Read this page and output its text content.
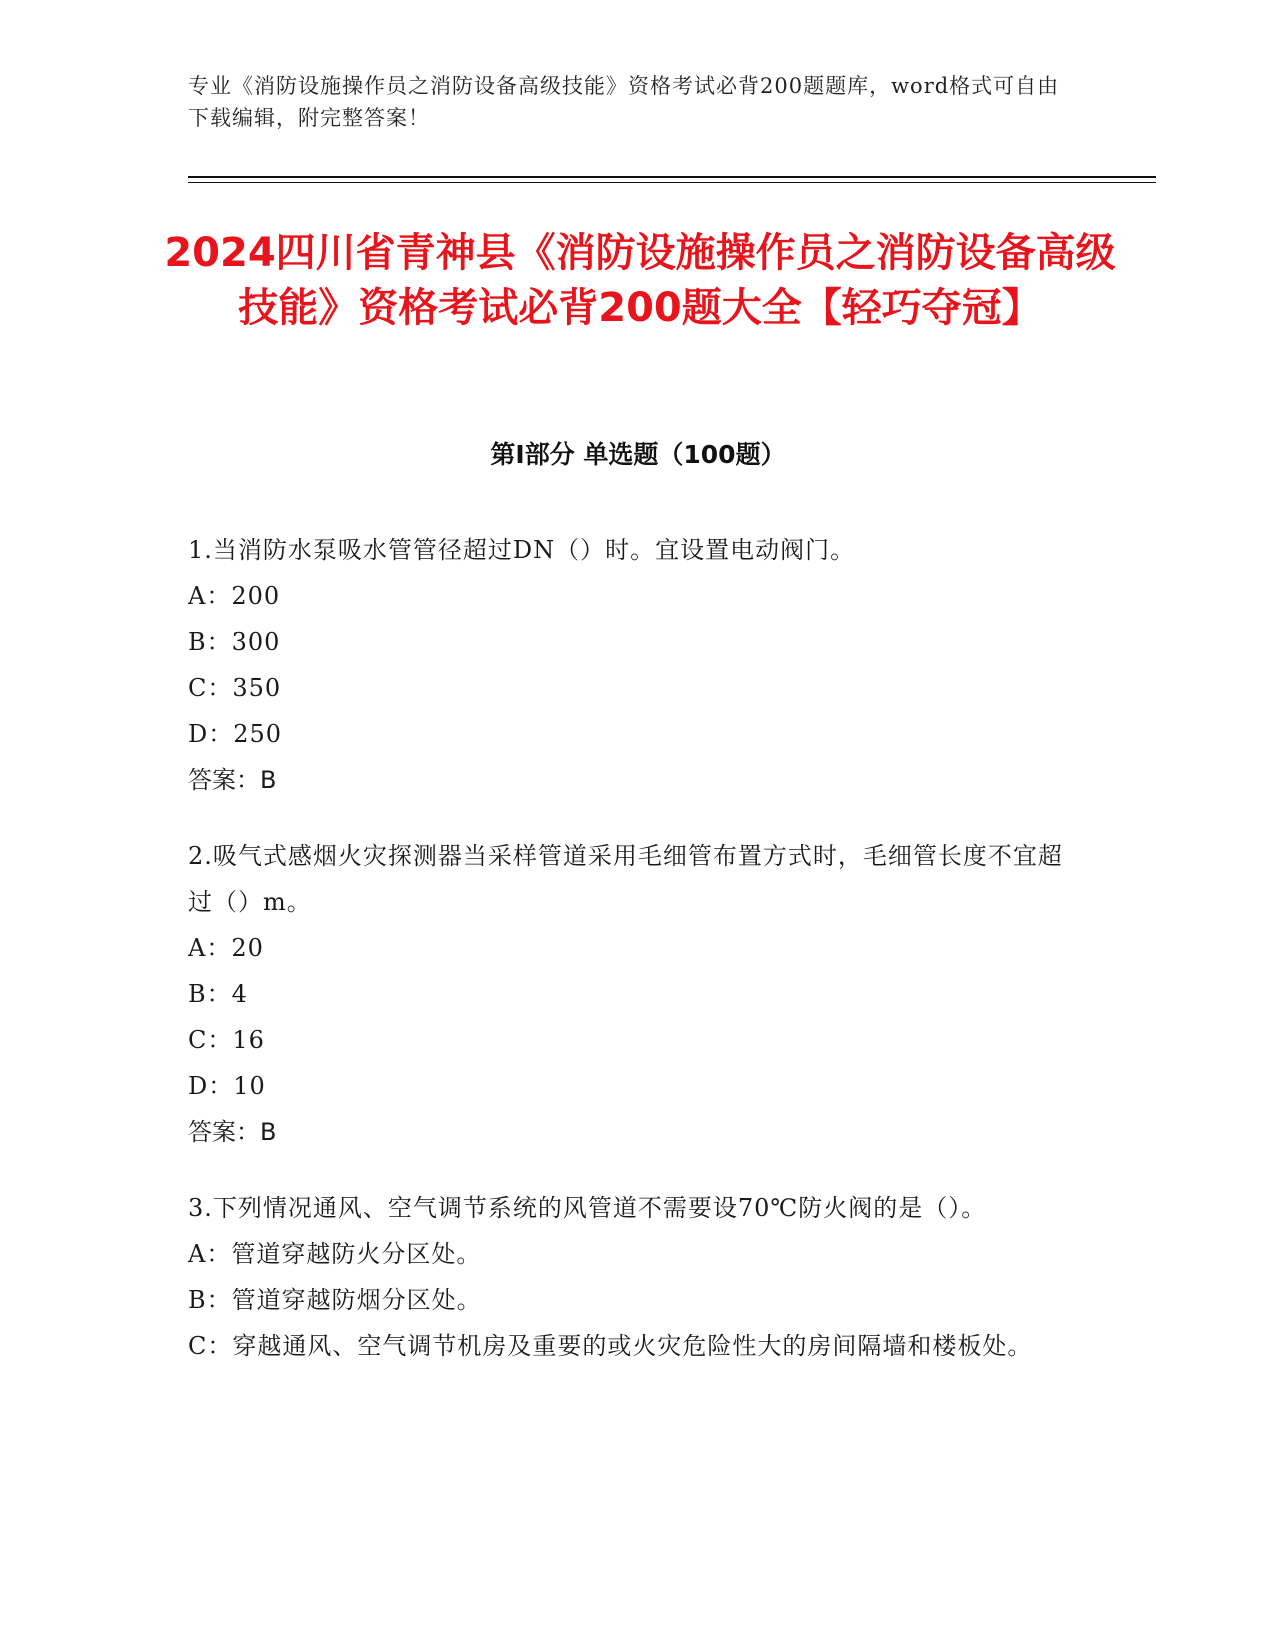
专业《消防设施操作员之消防设备高级技能》资格考试必背200题题库，word格式可自由下载编辑，附完整答案！
2024四川省青神县《消防设施操作员之消防设备高级技能》资格考试必背200题大全【轻巧夺冠】
第I部分 单选题（100题）

1.当消防水泵吸水管管径超过DN（）时。宜设置电动阀门。

A：200

B：300

C：350

D：250

答案：B

2.吸气式感烟火灾探测器当采样管道采用毛细管布置方式时，毛细管长度不宜超过（）m。

A：20

B：4

C：16

D：10

答案：B

3.下列情况通风、空气调节系统的风管道不需要设70℃防火阀的是（）。

A：管道穿越防火分区处。

B：管道穿越防烟分区处。

C：穿越通风、空气调节机房及重要的或火灾危险性大的房间隔墙和楼板处。
